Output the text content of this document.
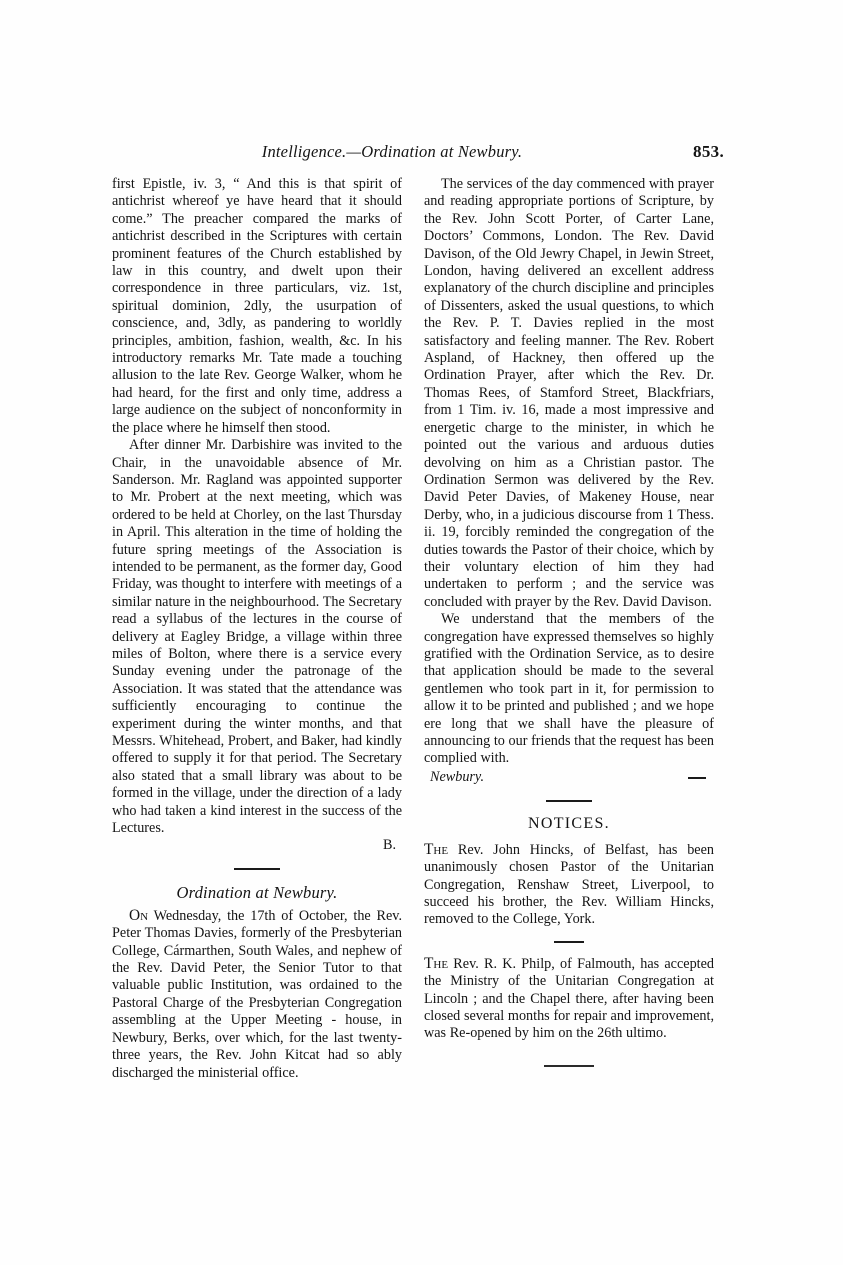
Intelligence.—Ordination at Newbury.	853.

first Epistle, iv. 3, “ And this is that spirit of antichrist whereof ye have heard that it should come.” The preacher compared the marks of antichrist described in the Scriptures with certain prominent features of the Church established by law in this country, and dwelt upon their correspondence in three particulars, viz. 1st, spiritual dominion, 2dly, the usurpation of conscience, and, 3dly, as pandering to worldly principles, ambition, fashion, wealth, &c. In his introductory remarks Mr. Tate made a touching allusion to the late Rev. George Walker, whom he had heard, for the first and only time, address a large audience on the subject of nonconformity in the place where he himself then stood.

After dinner Mr. Darbishire was invited to the Chair, in the unavoidable absence of Mr. Sanderson. Mr. Ragland was appointed supporter to Mr. Probert at the next meeting, which was ordered to be held at Chorley, on the last Thursday in April. This alteration in the time of holding the future spring meetings of the Association is intended to be permanent, as the former day, Good Friday, was thought to interfere with meetings of a similar nature in the neighbourhood. The Secretary read a syllabus of the lectures in the course of delivery at Eagley Bridge, a village within three miles of Bolton, where there is a service every Sunday evening under the patronage of the Association. It was stated that the attendance was sufficiently encouraging to continue the experiment during the winter months, and that Messrs. Whitehead, Probert, and Baker, had kindly offered to supply it for that period. The Secretary also stated that a small library was about to be formed in the village, under the direction of a lady who had taken a kind interest in the success of the Lectures.

B.

Ordination at Newbury.

On Wednesday, the 17th of October, the Rev. Peter Thomas Davies, formerly of the Presbyterian College, Cármarthen, South Wales, and nephew of the Rev. David Peter, the Senior Tutor to that valuable public Institution, was ordained to the Pastoral Charge of the Presbyterian Congregation assembling at the Upper Meeting - house, in Newbury, Berks, over which, for the last twenty-three years, the Rev. John Kitcat had so ably discharged the ministerial office.

The services of the day commenced with prayer and reading appropriate portions of Scripture, by the Rev. John Scott Porter, of Carter Lane, Doctors’ Commons, London. The Rev. David Davison, of the Old Jewry Chapel, in Jewin Street, London, having delivered an excellent address explanatory of the church discipline and principles of Dissenters, asked the usual questions, to which the Rev. P. T. Davies replied in the most satisfactory and feeling manner. The Rev. Robert Aspland, of Hackney, then offered up the Ordination Prayer, after which the Rev. Dr. Thomas Rees, of Stamford Street, Blackfriars, from 1 Tim. iv. 16, made a most impressive and energetic charge to the minister, in which he pointed out the various and arduous duties devolving on him as a Christian pastor. The Ordination Sermon was delivered by the Rev. David Peter Davies, of Makeney House, near Derby, who, in a judicious discourse from 1 Thess. ii. 19, forcibly reminded the congregation of the duties towards the Pastor of their choice, which by their voluntary election of him they had undertaken to perform ; and the service was concluded with prayer by the Rev. David Davison.

We understand that the members of the congregation have expressed themselves so highly gratified with the Ordination Service, as to desire that application should be made to the several gentlemen who took part in it, for permission to allow it to be printed and published ; and we hope ere long that we shall have the pleasure of announcing to our friends that the request has been complied with.

Newbury.

NOTICES.

The Rev. John Hincks, of Belfast, has been unanimously chosen Pastor of the Unitarian Congregation, Renshaw Street, Liverpool, to succeed his brother, the Rev. William Hincks, removed to the College, York.

The Rev. R. K. Philp, of Falmouth, has accepted the Ministry of the Unitarian Congregation at Lincoln ; and the Chapel there, after having been closed several months for repair and improvement, was Re-opened by him on the 26th ultimo.
